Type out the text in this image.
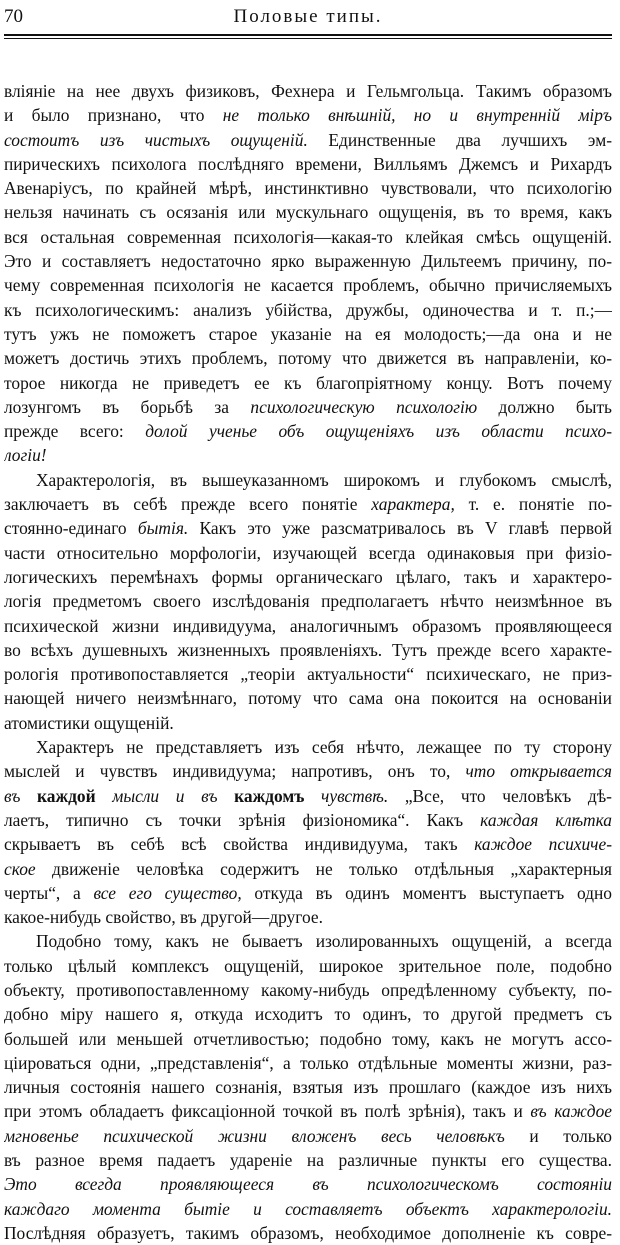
70	Половые типы.
вліяніе на нее двухъ физиковъ, Фехнера и Гельмгольца. Такимъ образомъ
и было признано, что не только внѣшній, но и внутренній міръ
состоитъ изъ чистыхъ ощущеній. Единственные два лучшихъ эм-
пирическихъ психолога послѣдняго времени, Вилльямъ Джемсъ и Рихардъ
Авенаріусъ, по крайней мѣрѣ, инстинктивно чувствовали, что психологію
нельзя начинать съ осязанія или мускульнаго ощущенія, въ то время, какъ
вся остальная современная психологія—какая-то клейкая смѣсь ощущеній.
Это и составляетъ недостаточно ярко выраженную Дильтеемъ причину, по-
чему современная психологія не касается проблемъ, обычно причисляемыхъ
къ психологическимъ: анализъ убійства, дружбы, одиночества и т. п.;—
тутъ ужъ не поможетъ старое указаніе на ея молодость;—да она и не
можетъ достичь этихъ проблемъ, потому что движется въ направленіи, ко-
торое никогда не приведетъ ее къ благопріятному концу. Вотъ почему
лозунгомъ въ борьбѣ за психологическую психологію должно быть
прежде всего: долой ученье объ ощущеніяхъ изъ области психо-
логіи!
Характерологія, въ вышеуказанномъ широкомъ и глубокомъ смыслѣ,
заключаетъ въ себѣ прежде всего понятіе характера, т. е. понятіе по-
стоянно-единаго бытія. Какъ это уже разсматривалось въ V главѣ первой
части относительно морфологіи, изучающей всегда одинаковыя при физіо-
логическихъ перемѣнахъ формы органическаго цѣлаго, такъ и характеро-
логія предметомъ своего изслѣдованія предполагаетъ нѣчто неизмѣнное въ
психической жизни индивидуума, аналогичнымъ образомъ проявляющееся
во всѣхъ душевныхъ жизненныхъ проявленіяхъ. Тутъ прежде всего характе-
рологія противопоставляется „теоріи актуальности“ психическаго, не приз-
нающей ничего неизмѣннаго, потому что сама она покоится на основаніи
атомистики ощущеній.
Характеръ не представляетъ изъ себя нѣчто, лежащее по ту сторону
мыслей и чувствъ индивидуума; напротивъ, онъ то, что открывается
въ каждой мысли и въ каждомъ чувствѣ. „Все, что человѣкъ дѣ-
лаетъ, типично съ точки зрѣнія физіономика“. Какъ каждая клѣтка
скрываетъ въ себѣ всѣ свойства индивидуума, такъ каждое психиче-
ское движеніе человѣка содержитъ не только отдѣльныя „характерныя
черты“, а все его существо, откуда въ одинъ моментъ выступаетъ одно
какое-нибудь свойство, въ другой—другое.
Подобно тому, какъ не бываетъ изолированныхъ ощущеній, а всегда
только цѣлый комплексъ ощущеній, широкое зрительное поле, подобно
объекту, противопоставленному какому-нибудь опредѣленному субъекту, по-
добно міру нашего я, откуда исходитъ то одинъ, то другой предметъ съ
большей или меньшей отчетливостью; подобно тому, какъ не могутъ ассо-
ціироваться одни, „представленія“, а только отдѣльные моменты жизни, раз-
личныя состоянія нашего сознанія, взятыя изъ прошлаго (каждое изъ нихъ
при этомъ обладаетъ фиксаціонной точкой въ полѣ зрѣнія), такъ и въ каждое
мгновенье психической жизни вложенъ весь человѣкъ и только
въ разное время падаетъ удареніе на различные пункты его существа.
Это всегда проявляющееся въ психологическомъ состояніи
каждаго момента бытіе и составляетъ объектъ характерологіи.
Послѣдняя образуетъ, такимъ образомъ, необходимое дополненіе къ совре-
